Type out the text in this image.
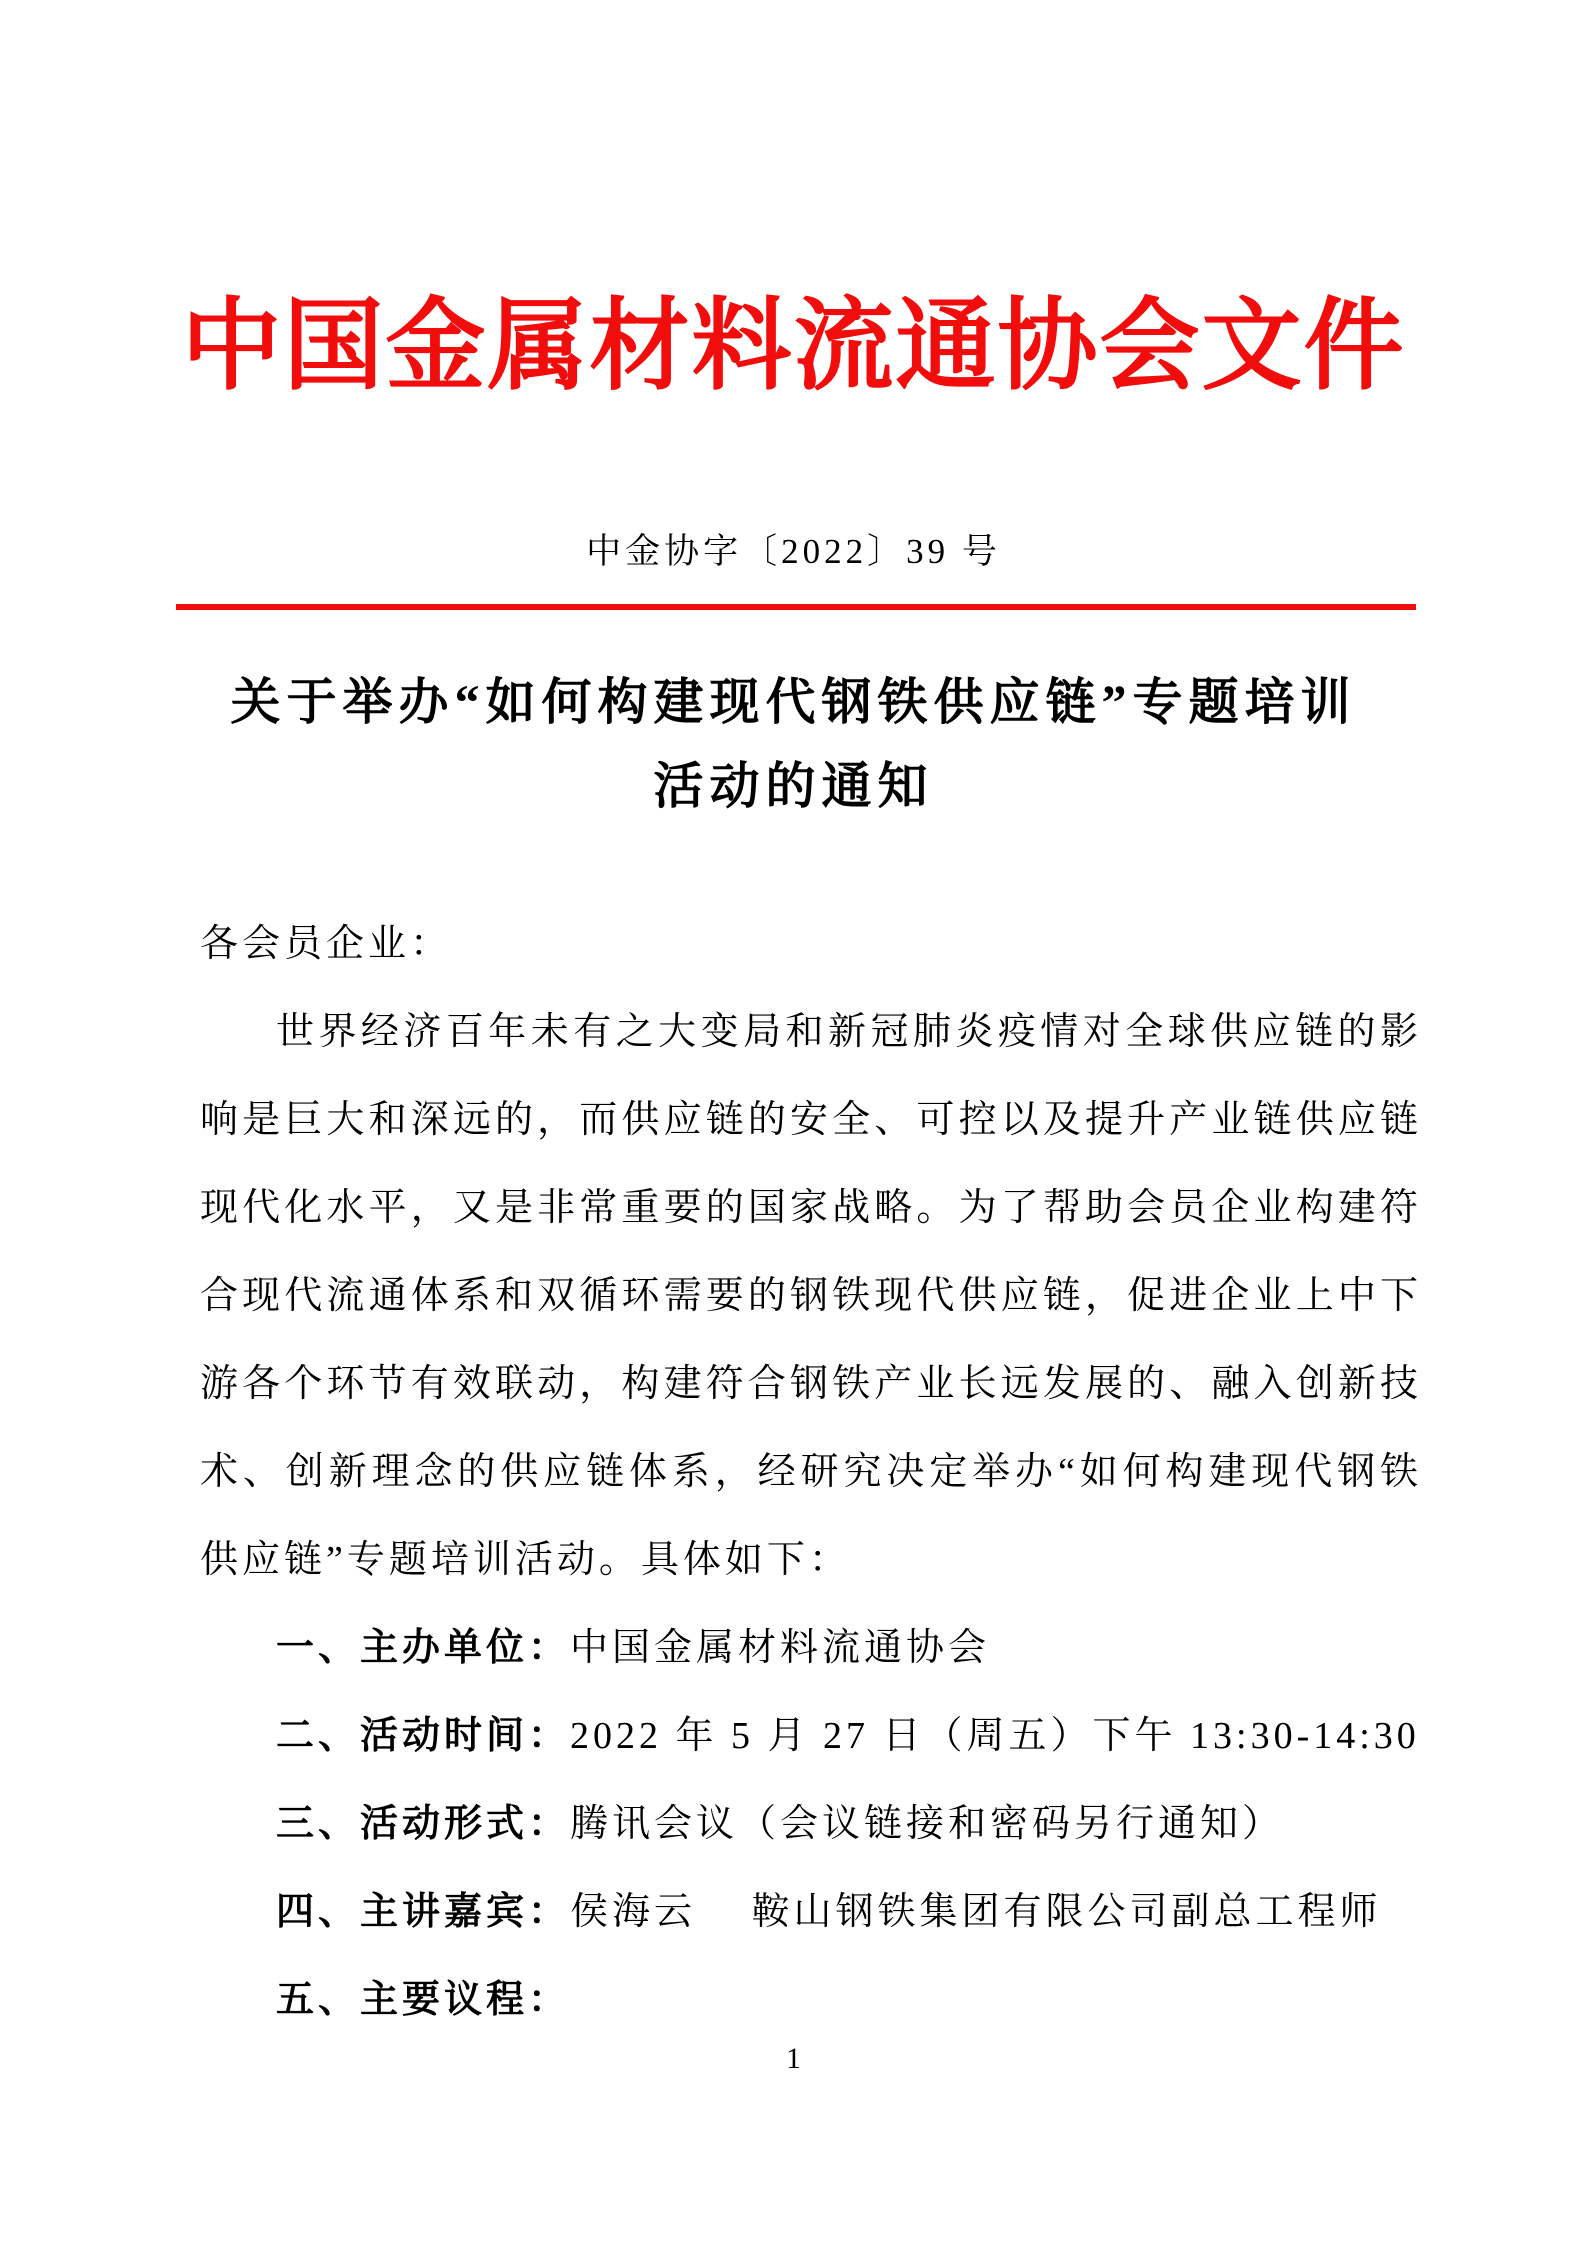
中国金属材料流通协会文件
中金协字〔2022〕39 号
关于举办“如何构建现代钢铁供应链”专题培训
活动的通知
各会员企业：
世界经济百年未有之大变局和新冠肺炎疫情对全球供应链的影响是巨大和深远的，而供应链的安全、可控以及提升产业链供应链现代化水平，又是非常重要的国家战略。为了帮助会员企业构建符合现代流通体系和双循环需要的钢铁现代供应链，促进企业上中下游各个环节有效联动，构建符合钢铁产业长远发展的、融入创新技术、创新理念的供应链体系，经研究决定举办“如何构建现代钢铁供应链”专题培训活动。具体如下：
一、主办单位：中国金属材料流通协会
二、活动时间：2022 年 5 月 27 日（周五）下午 13:30-14:30
三、活动形式：腾讯会议（会议链接和密码另行通知）
四、主讲嘉宾：侯海云　 鞍山钢铁集团有限公司副总工程师
五、主要议程：
1
